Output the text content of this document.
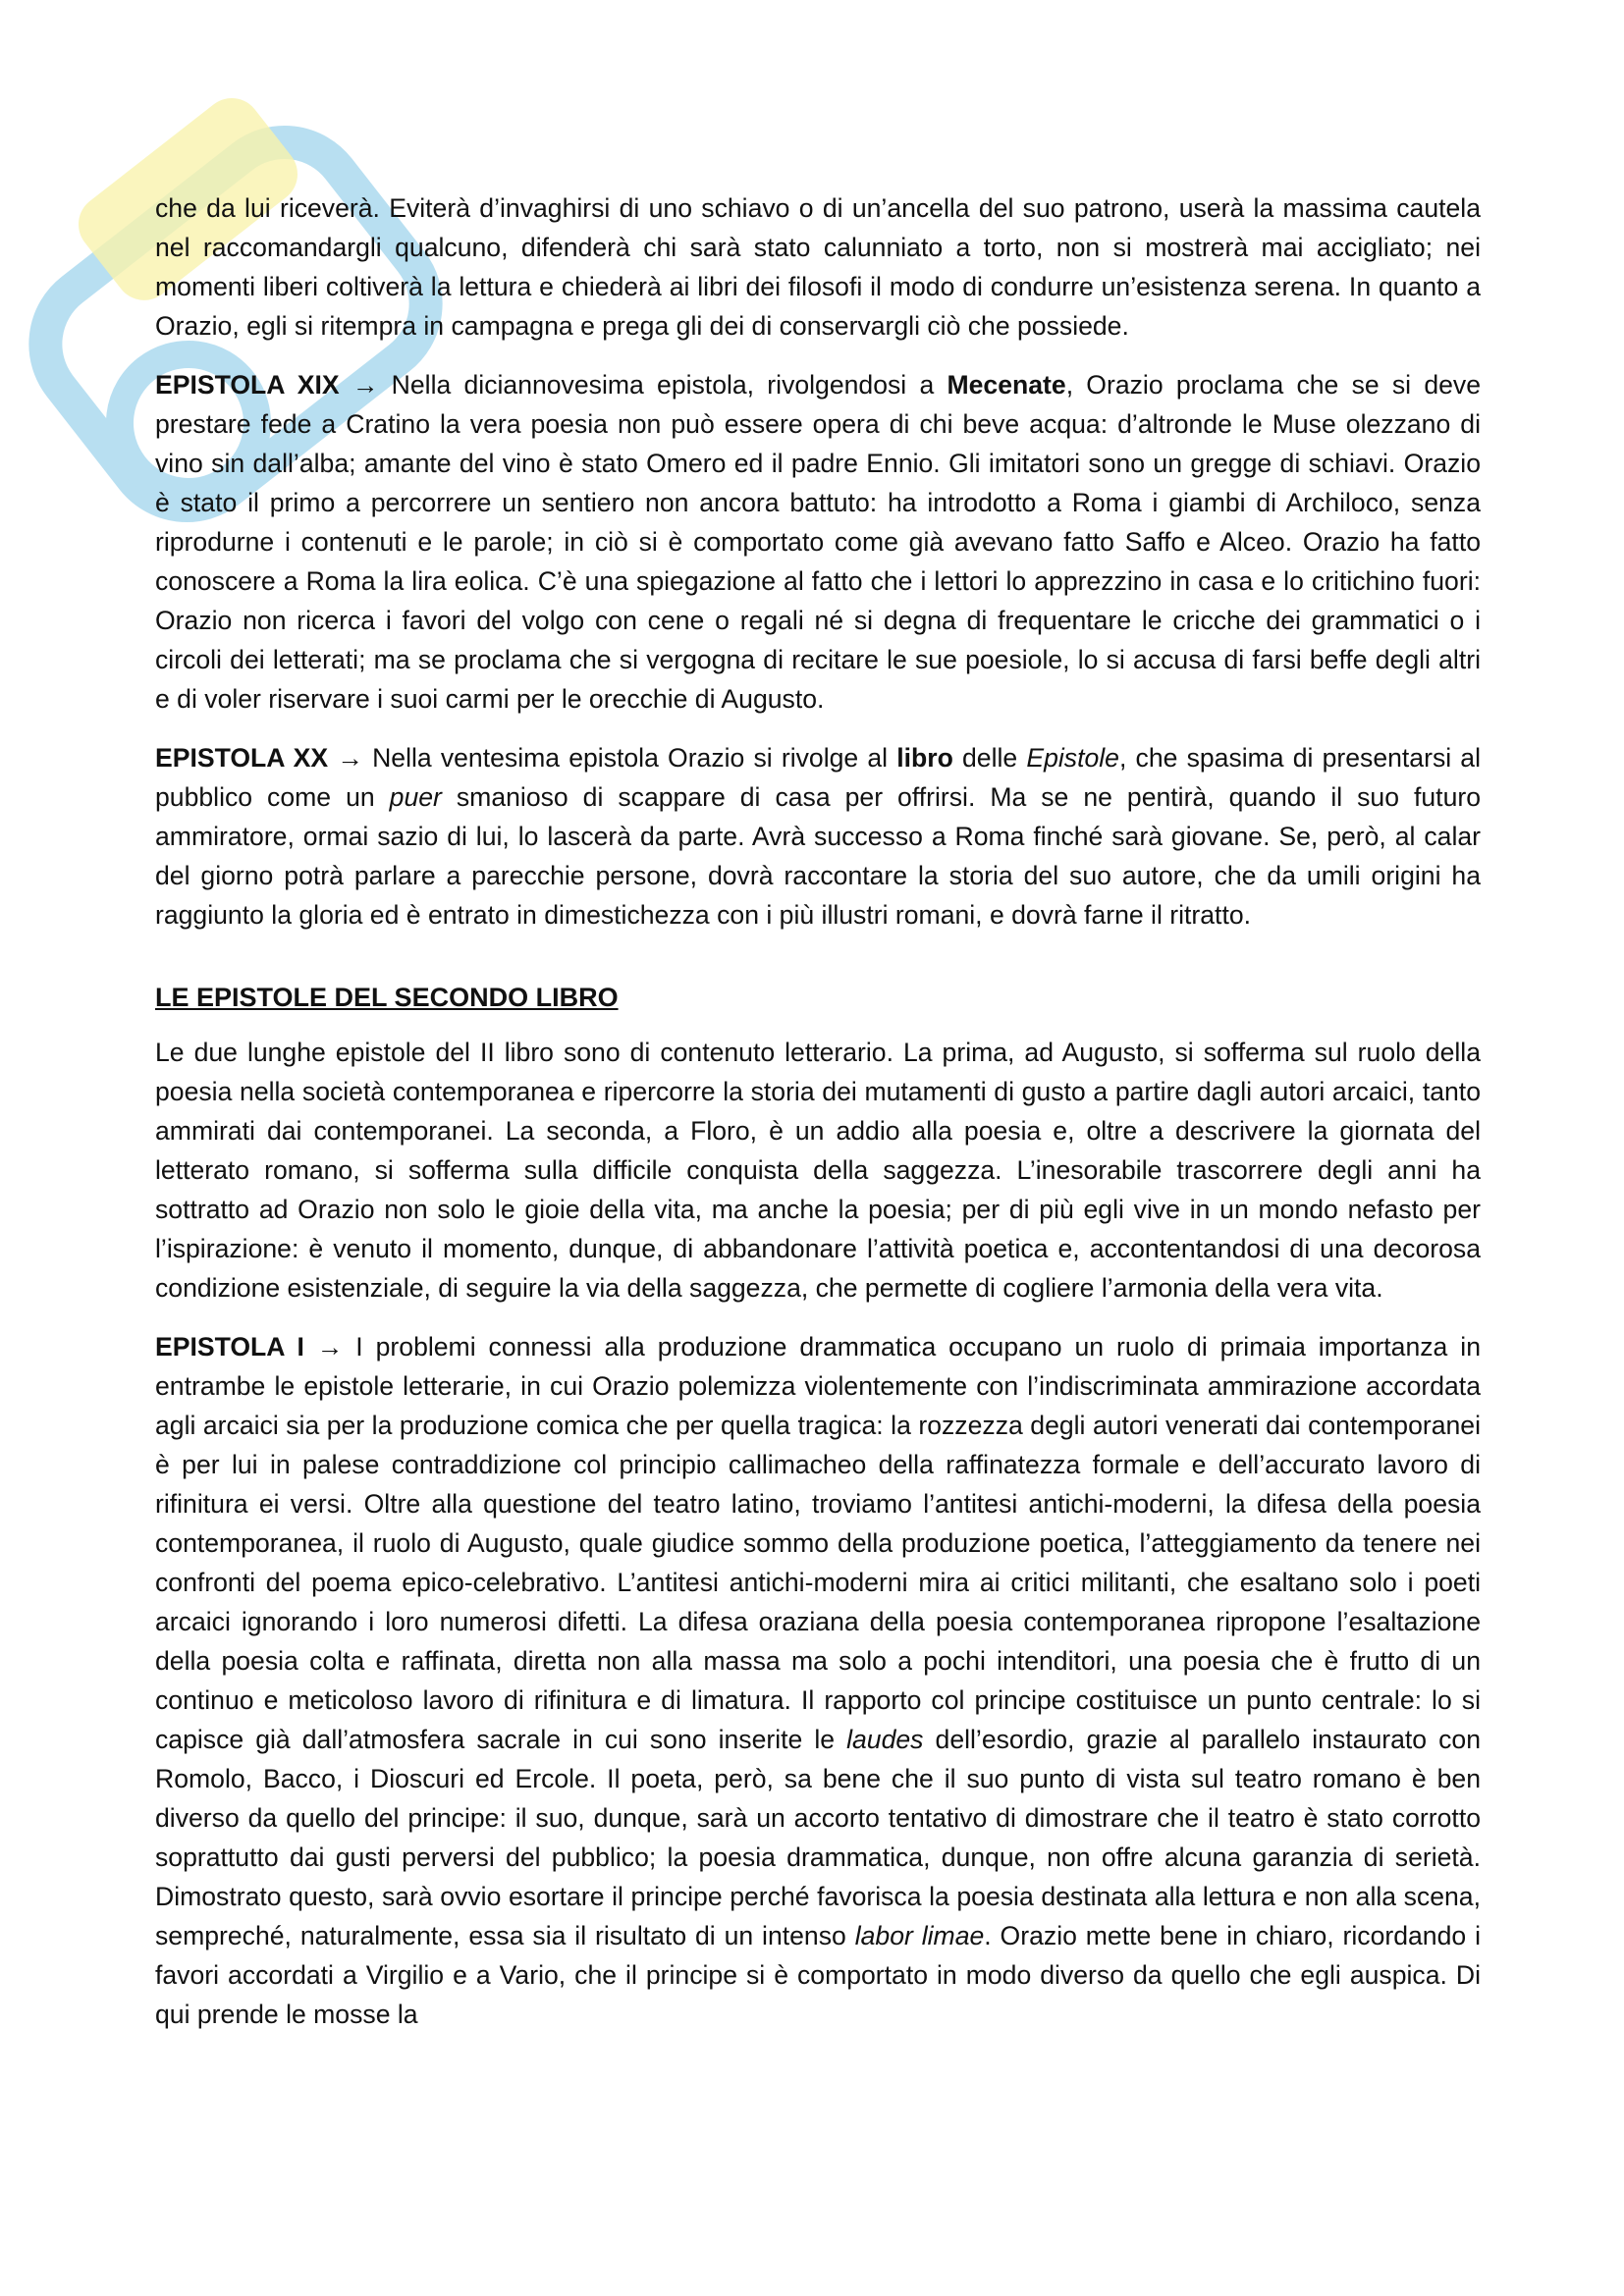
che da lui riceverà. Eviterà d’invaghirsi di uno schiavo o di un’ancella del suo patrono, userà la massima cautela nel raccomandargli qualcuno, difenderà chi sarà stato calunniato a torto, non si mostrerà mai accigliato; nei momenti liberi coltiverà la lettura e chiederà ai libri dei filosofi il modo di condurre un’esistenza serena. In quanto a Orazio, egli si ritempra in campagna e prega gli dei di conservargli ciò che possiede.

EPISTOLA XIX → Nella diciannovesima epistola, rivolgendosi a Mecenate, Orazio proclama che se si deve prestare fede a Cratino la vera poesia non può essere opera di chi beve acqua: d’altronde le Muse olezzano di vino sin dall’alba; amante del vino è stato Omero ed il padre Ennio. Gli imitatori sono un gregge di schiavi. Orazio è stato il primo a percorrere un sentiero non ancora battuto: ha introdotto a Roma i giambi di Archiloco, senza riprodurne i contenuti e le parole; in ciò si è comportato come già avevano fatto Saffo e Alceo. Orazio ha fatto conoscere a Roma la lira eolica. C’è una spiegazione al fatto che i lettori lo apprezzino in casa e lo critichino fuori: Orazio non ricerca i favori del volgo con cene o regali né si degna di frequentare le cricche dei grammatici o i circoli dei letterati; ma se proclama che si vergogna di recitare le sue poesiole, lo si accusa di farsi beffe degli altri e di voler riservare i suoi carmi per le orecchie di Augusto.

EPISTOLA XX → Nella ventesima epistola Orazio si rivolge al libro delle Epistole, che spasima di presentarsi al pubblico come un puer smanioso di scappare di casa per offrirsi. Ma se ne pentirà, quando il suo futuro ammiratore, ormai sazio di lui, lo lascerà da parte. Avrà successo a Roma finché sarà giovane. Se, però, al calar del giorno potrà parlare a parecchie persone, dovrà raccontare la storia del suo autore, che da umili origini ha raggiunto la gloria ed è entrato in dimestichezza con i più illustri romani, e dovrà farne il ritratto.

LE EPISTOLE DEL SECONDO LIBRO

Le due lunghe epistole del II libro sono di contenuto letterario. La prima, ad Augusto, si sofferma sul ruolo della poesia nella società contemporanea e ripercorre la storia dei mutamenti di gusto a partire dagli autori arcaici, tanto ammirati dai contemporanei. La seconda, a Floro, è un addio alla poesia e, oltre a descrivere la giornata del letterato romano, si sofferma sulla difficile conquista della saggezza. L’inesorabile trascorrere degli anni ha sottratto ad Orazio non solo le gioie della vita, ma anche la poesia; per di più egli vive in un mondo nefasto per l’ispirazione: è venuto il momento, dunque, di abbandonare l’attività poetica e, accontentandosi di una decorosa condizione esistenziale, di seguire la via della saggezza, che permette di cogliere l’armonia della vera vita.

EPISTOLA I → I problemi connessi alla produzione drammatica occupano un ruolo di primaia importanza in entrambe le epistole letterarie, in cui Orazio polemizza violentemente con l’indiscriminata ammirazione accordata agli arcaici sia per la produzione comica che per quella tragica: la rozzezza degli autori venerati dai contemporanei è per lui in palese contraddizione col principio callimacheo della raffinatezza formale e dell’accurato lavoro di rifinitura ei versi. Oltre alla questione del teatro latino, troviamo l’antitesi antichi-moderni, la difesa della poesia contemporanea, il ruolo di Augusto, quale giudice sommo della produzione poetica, l’atteggiamento da tenere nei confronti del poema epico-celebrativo. L’antitesi antichi-moderni mira ai critici militanti, che esaltano solo i poeti arcaici ignorando i loro numerosi difetti. La difesa oraziana della poesia contemporanea ripropone l’esaltazione della poesia colta e raffinata, diretta non alla massa ma solo a pochi intenditori, una poesia che è frutto di un continuo e meticoloso lavoro di rifinitura e di limatura. Il rapporto col principe costituisce un punto centrale: lo si capisce già dall’atmosfera sacrale in cui sono inserite le laudes dell’esordio, grazie al parallelo instaurato con Romolo, Bacco, i Dioscuri ed Ercole. Il poeta, però, sa bene che il suo punto di vista sul teatro romano è ben diverso da quello del principe: il suo, dunque, sarà un accorto tentativo di dimostrare che il teatro è stato corrotto soprattutto dai gusti perversi del pubblico; la poesia drammatica, dunque, non offre alcuna garanzia di serietà. Dimostrato questo, sarà ovvio esortare il principe perché favorisca la poesia destinata alla lettura e non alla scena, sempreché, naturalmente, essa sia il risultato di un intenso labor limae. Orazio mette bene in chiaro, ricordando i favori accordati a Virgilio e a Vario, che il principe si è comportato in modo diverso da quello che egli auspica. Di qui prende le mosse la
